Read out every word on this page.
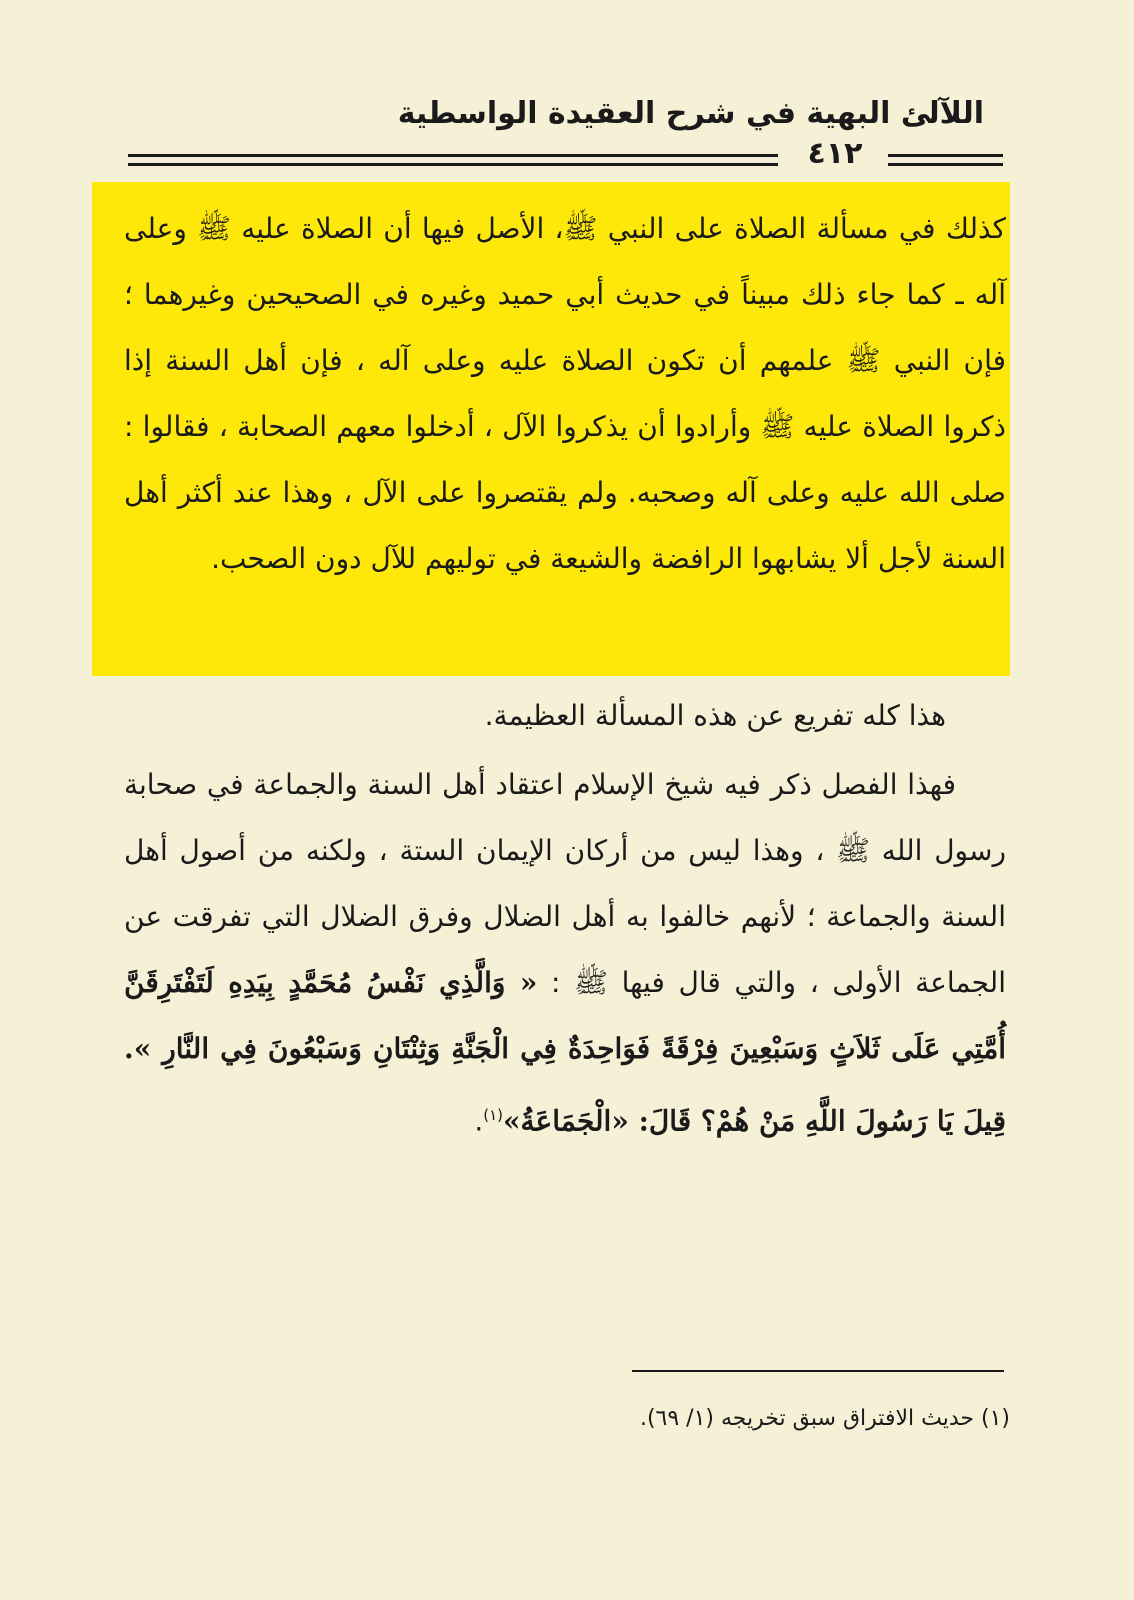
اللآلئ البهية في شرح العقيدة الواسطية
٤١٢
كذلك في مسألة الصلاة على النبي ﷺ، الأصل فيها أن الصلاة عليه ﷺ وعلى آله ـ كما جاء ذلك مبيناً في حديث أبي حميد وغيره في الصحيحين وغيرهما ؛ فإن النبي ﷺ علمهم أن تكون الصلاة عليه وعلى آله ، فإن أهل السنة إذا ذكروا الصلاة عليه ﷺ وأرادوا أن يذكروا الآل ، أدخلوا معهم الصحابة ، فقالوا : صلى الله عليه وعلى آله وصحبه. ولم يقتصروا على الآل ، وهذا عند أكثر أهل السنة لأجل ألا يشابهوا الرافضة والشيعة في توليهم للآل دون الصحب.
هذا كله تفريع عن هذه المسألة العظيمة.
فهذا الفصل ذكر فيه شيخ الإسلام اعتقاد أهل السنة والجماعة في صحابة رسول الله ﷺ ، وهذا ليس من أركان الإيمان الستة ، ولكنه من أصول أهل السنة والجماعة ؛ لأنهم خالفوا به أهل الضلال وفرق الضلال التي تفرقت عن الجماعة الأولى ، والتي قال فيها ﷺ : « وَالَّذِي نَفْسُ مُحَمَّدٍ بِيَدِهِ لَتَفْتَرِقَنَّ أُمَّتِي عَلَى ثَلاَثٍ وَسَبْعِينَ فِرْقَةً فَوَاحِدَةٌ فِي الْجَنَّةِ وَثِنْتَانِ وَسَبْعُونَ فِي النَّارِ ». قِيلَ يَا رَسُولَ اللَّهِ مَنْ هُمْ؟ قَالَ: «الْجَمَاعَةُ»$^{(١)}$.
(١) حديث الافتراق سبق تخريجه (١/ ٦٩).
